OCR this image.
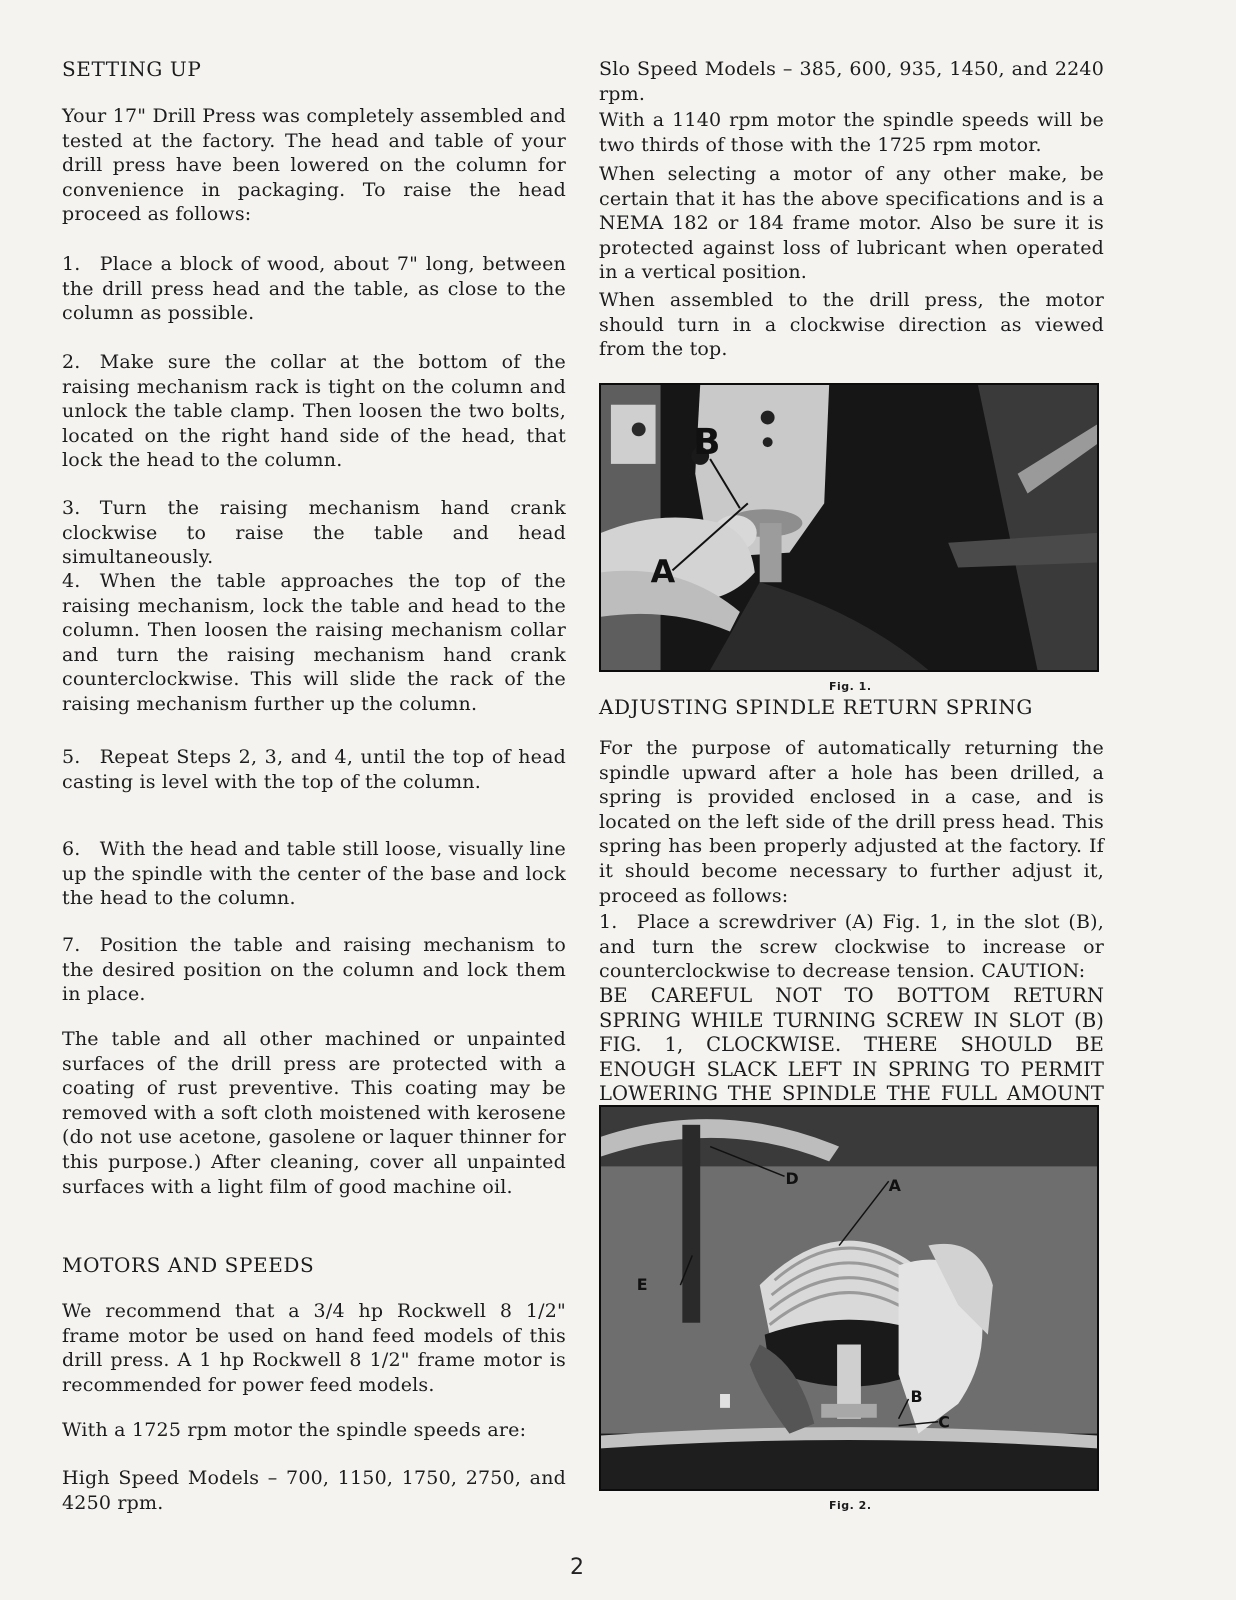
SETTING UP

Your 17" Drill Press was completely assembled and tested at the factory. The head and table of your drill press have been lowered on the column for convenience in packaging. To raise the head proceed as follows:

1. Place a block of wood, about 7" long, between the drill press head and the table, as close to the column as possible.

2. Make sure the collar at the bottom of the raising mechanism rack is tight on the column and unlock the table clamp. Then loosen the two bolts, located on the right hand side of the head, that lock the head to the column.

3. Turn the raising mechanism hand crank clockwise to raise the table and head simultaneously.

4. When the table approaches the top of the raising mechanism, lock the table and head to the column. Then loosen the raising mechanism collar and turn the raising mechanism hand crank counterclockwise. This will slide the rack of the raising mechanism further up the column.

5. Repeat Steps 2, 3, and 4, until the top of head casting is level with the top of the column.

6. With the head and table still loose, visually line up the spindle with the center of the base and lock the head to the column.

7. Position the table and raising mechanism to the desired position on the column and lock them in place.

The table and all other machined or unpainted surfaces of the drill press are protected with a coating of rust preventive. This coating may be removed with a soft cloth moistened with kerosene (do not use acetone, gasolene or laquer thinner for this purpose.) After cleaning, cover all unpainted surfaces with a light film of good machine oil.

MOTORS AND SPEEDS

We recommend that a 3/4 hp Rockwell 8 1/2" frame motor be used on hand feed models of this drill press. A 1 hp Rockwell 8 1/2" frame motor is recommended for power feed models.

With a 1725 rpm motor the spindle speeds are:

High Speed Models – 700, 1150, 1750, 2750, and 4250 rpm.

Slo Speed Models – 385, 600, 935, 1450, and 2240 rpm.

With a 1140 rpm motor the spindle speeds will be two thirds of those with the 1725 rpm motor.

When selecting a motor of any other make, be certain that it has the above specifications and is a NEMA 182 or 184 frame motor. Also be sure it is protected against loss of lubricant when operated in a vertical position.

When assembled to the drill press, the motor should turn in a clockwise direction as viewed from the top.

B
A
Fig. 1.

ADJUSTING SPINDLE RETURN SPRING

For the purpose of automatically returning the spindle upward after a hole has been drilled, a spring is provided enclosed in a case, and is located on the left side of the drill press head. This spring has been properly adjusted at the factory. If it should become necessary to further adjust it, proceed as follows:

1. Place a screwdriver (A) Fig. 1, in the slot (B), and turn the screw clockwise to increase or counterclockwise to decrease tension. CAUTION:

BE CAREFUL NOT TO BOTTOM RETURN SPRING WHILE TURNING SCREW IN SLOT (B) FIG. 1, CLOCKWISE. THERE SHOULD BE ENOUGH SLACK LEFT IN SPRING TO PERMIT LOWERING THE SPINDLE THE FULL AMOUNT

D	A
E
B
C
Fig. 2.
2
